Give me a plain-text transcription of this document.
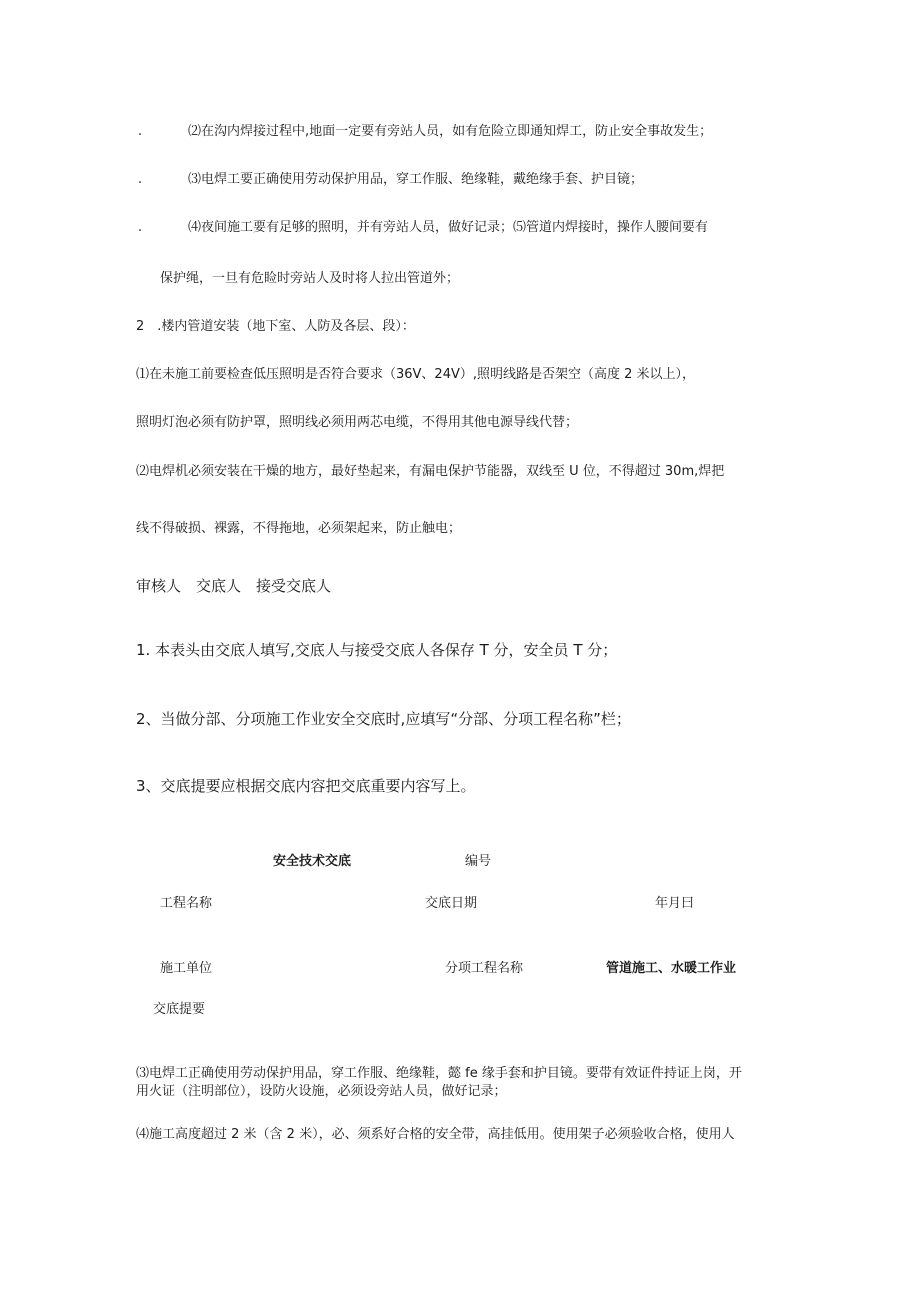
.	⑵在沟内焊接过程中,地面一定要有旁站人员，如有危险立即通知焊工，防止安全事故发生；
.	⑶电焊工要正确使用劳动保护用品，穿工作服、绝缘鞋，戴绝缘手套、护目镜；
.	⑷夜间施工要有足够的照明，并有旁站人员，做好记录；⑸管道内焊接时，操作人腰间要有
保护绳，一旦有危睑时旁站人及时将人拉出管道外；
2　.楼内管道安装（地下室、人防及各层、段）：
⑴在未施工前要检查低压照明是否符合要求（36V、24V）,照明线路是否架空（高度 2 米以上），
照明灯泡必须有防护罩，照明线必须用两芯电缆，不得用其他电源导线代替；
⑵电焊机必须安装在干燥的地方，最好垫起来，有漏电保护节能器，双线至 U 位，不得超过 30m,焊把
线不得破损、裸露，不得拖地，必须架起来，防止触电；
审核人　交底人　接受交底人
1. 本表头由交底人填写,交底人与接受交底人各保存 T 分，安全员 T 分；
2、当做分部、分项施工作业安全交底时,应填写“分部、分项工程名称”栏；
3、交底提要应根据交底内容把交底重要内容写上。
安全技术交底	编号
工程名称	交底日期	年月曰
施工单位	分项工程名称	管道施工、水暖工作业
交底提要
⑶电焊工正确使用劳动保护用品，穿工作服、绝缘鞋，懿 fe 缘手套和护目镜。要带有效证件持证上岗，开
用火证（注明部位），设防火设施，必须设旁站人员，做好记录；
⑷施工高度超过 2 米（含 2 米），必、须系好合格的安全带，高挂低用。使用架子必须验收合格，使用人
